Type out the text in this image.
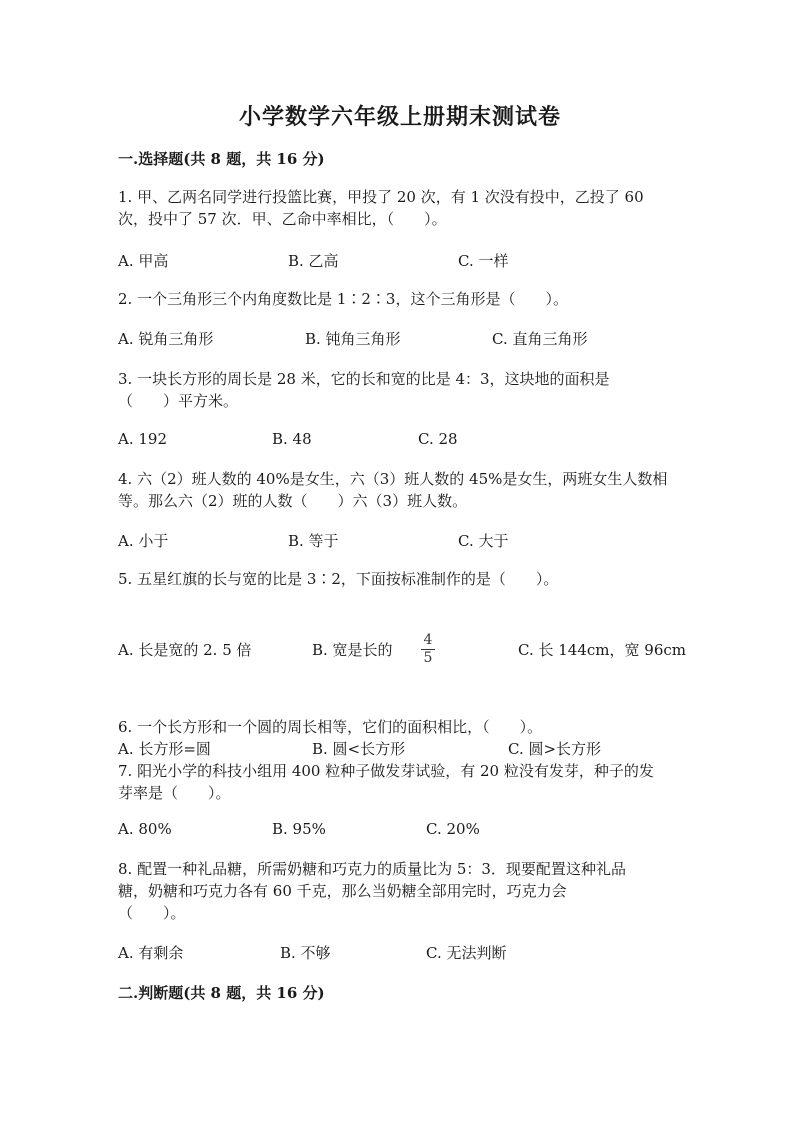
小学数学六年级上册期末测试卷
一.选择题(共 8 题，共 16 分)
1. 甲、乙两名同学进行投篮比赛，甲投了 20 次，有 1 次没有投中，乙投了 60
次，投中了 57 次．甲、乙命中率相比，（　　）。
A. 甲高	B. 乙高	C. 一样
2. 一个三角形三个内角度数比是 1∶2∶3，这个三角形是（　　）。
A. 锐角三角形	B. 钝角三角形	C. 直角三角形
3. 一块长方形的周长是 28 米，它的长和宽的比是 4：3，这块地的面积是
（　　）平方米。
A. 192	B. 48	C. 28
4. 六（2）班人数的 40%是女生，六（3）班人数的 45%是女生，两班女生人数相
等。那么六（2）班的人数（　　）六（3）班人数。
A. 小于	B. 等于	C. 大于
5. 五星红旗的长与宽的比是 3∶2，下面按标准制作的是（　　）。
A. 长是宽的 2. 5 倍	B. 宽是长的
4
5	C. 长 144cm，宽 96cm
6. 一个长方形和一个圆的周长相等，它们的面积相比，（　　）。
A. 长方形=圆	B. 圆<长方形	C. 圆>长方形
7. 阳光小学的科技小组用 400 粒种子做发芽试验，有 20 粒没有发芽，种子的发
芽率是（　　）。
A. 80%	B. 95%	C. 20%
8. 配置一种礼品糖，所需奶糖和巧克力的质量比为 5：3．现要配置这种礼品
糖，奶糖和巧克力各有 60 千克，那么当奶糖全部用完时，巧克力会
（　　）。
A. 有剩余	B. 不够	C. 无法判断
二.判断题(共 8 题，共 16 分)
